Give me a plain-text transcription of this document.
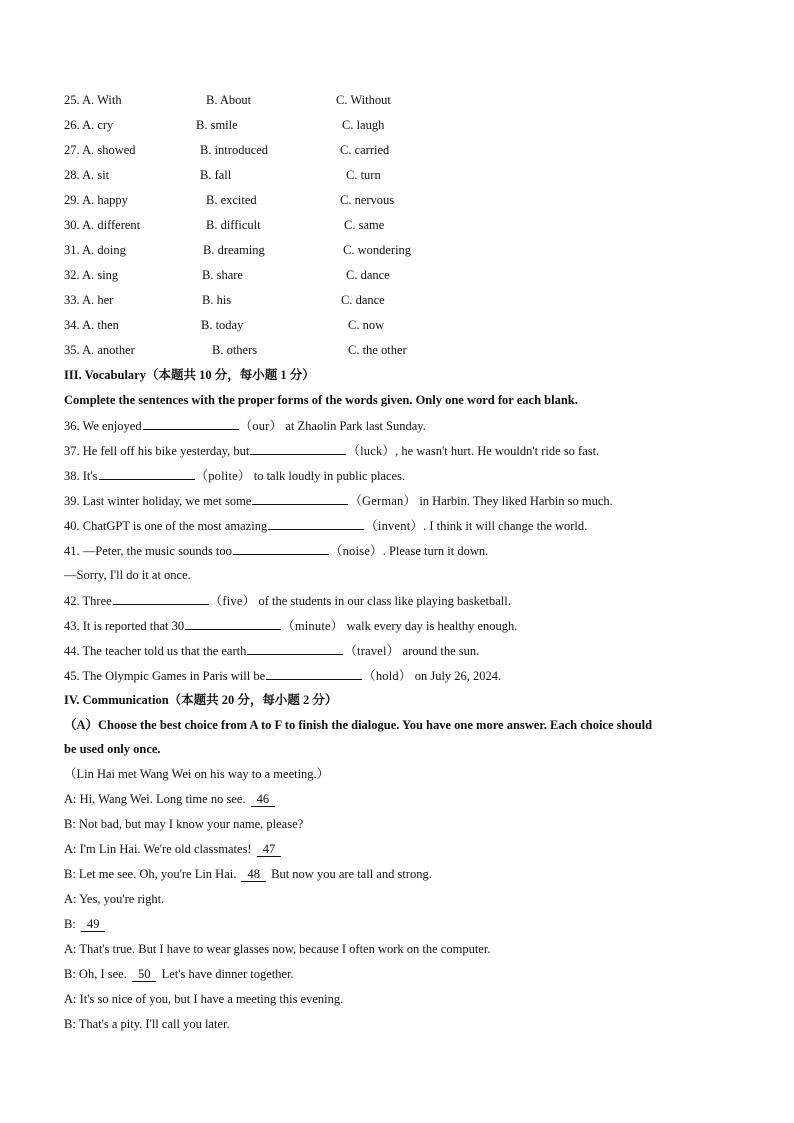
25. A. With	B. About	C. Without
26. A. cry	B. smile	C. laugh
27. A. showed	B. introduced	C. carried
28. A. sit	B. fall	C. turn
29. A. happy	B. excited	C. nervous
30. A. different	B. difficult	C. same
31. A. doing	B. dreaming	C. wondering
32. A. sing	B. share	C. dance
33. A. her	B. his	C. dance
34. A. then	B. today	C. now
35. A. another	B. others	C. the other
III. Vocabulary（本题共 10 分，每小题 1 分）
Complete the sentences with the proper forms of the words given. Only one word for each blank.
36. We enjoyed	（our） at Zhaolin Park last Sunday.
37. He fell off his bike yesterday, but	（luck）, he wasn't hurt. He wouldn't ride so fast.
38. It's	（polite） to talk loudly in public places.
39. Last winter holiday, we met some	（German） in Harbin. They liked Harbin so much.
40. ChatGPT is one of the most amazing	（invent）. I think it will change the world.
41. —Peter, the music sounds too	（noise）. Please turn it down.
—Sorry, I'll do it at once.
42. Three	（five） of the students in our class like playing basketball.
43. It is reported that 30	（minute） walk every day is healthy enough.
44. The teacher told us that the earth	（travel） around the sun.
45. The Olympic Games in Paris will be	（hold） on July 26, 2024.
IV. Communication（本题共 20 分，每小题 2 分）
（A）Choose the best choice from A to F to finish the dialogue. You have one more answer. Each choice should
be used only once.
（Lin Hai met Wang Wei on his way to a meeting.）
A: Hi, Wang Wei. Long time no see. 46
B: Not bad, but may I know your name, please?
A: I'm Lin Hai. We're old classmates! 47
B: Let me see. Oh, you're Lin Hai. 48 But now you are tall and strong.
A: Yes, you're right.
B: 49
A: That's true. But I have to wear glasses now, because I often work on the computer.
B: Oh, I see. 50 Let's have dinner together.
A: It's so nice of you, but I have a meeting this evening.
B: That's a pity. I'll call you later.
